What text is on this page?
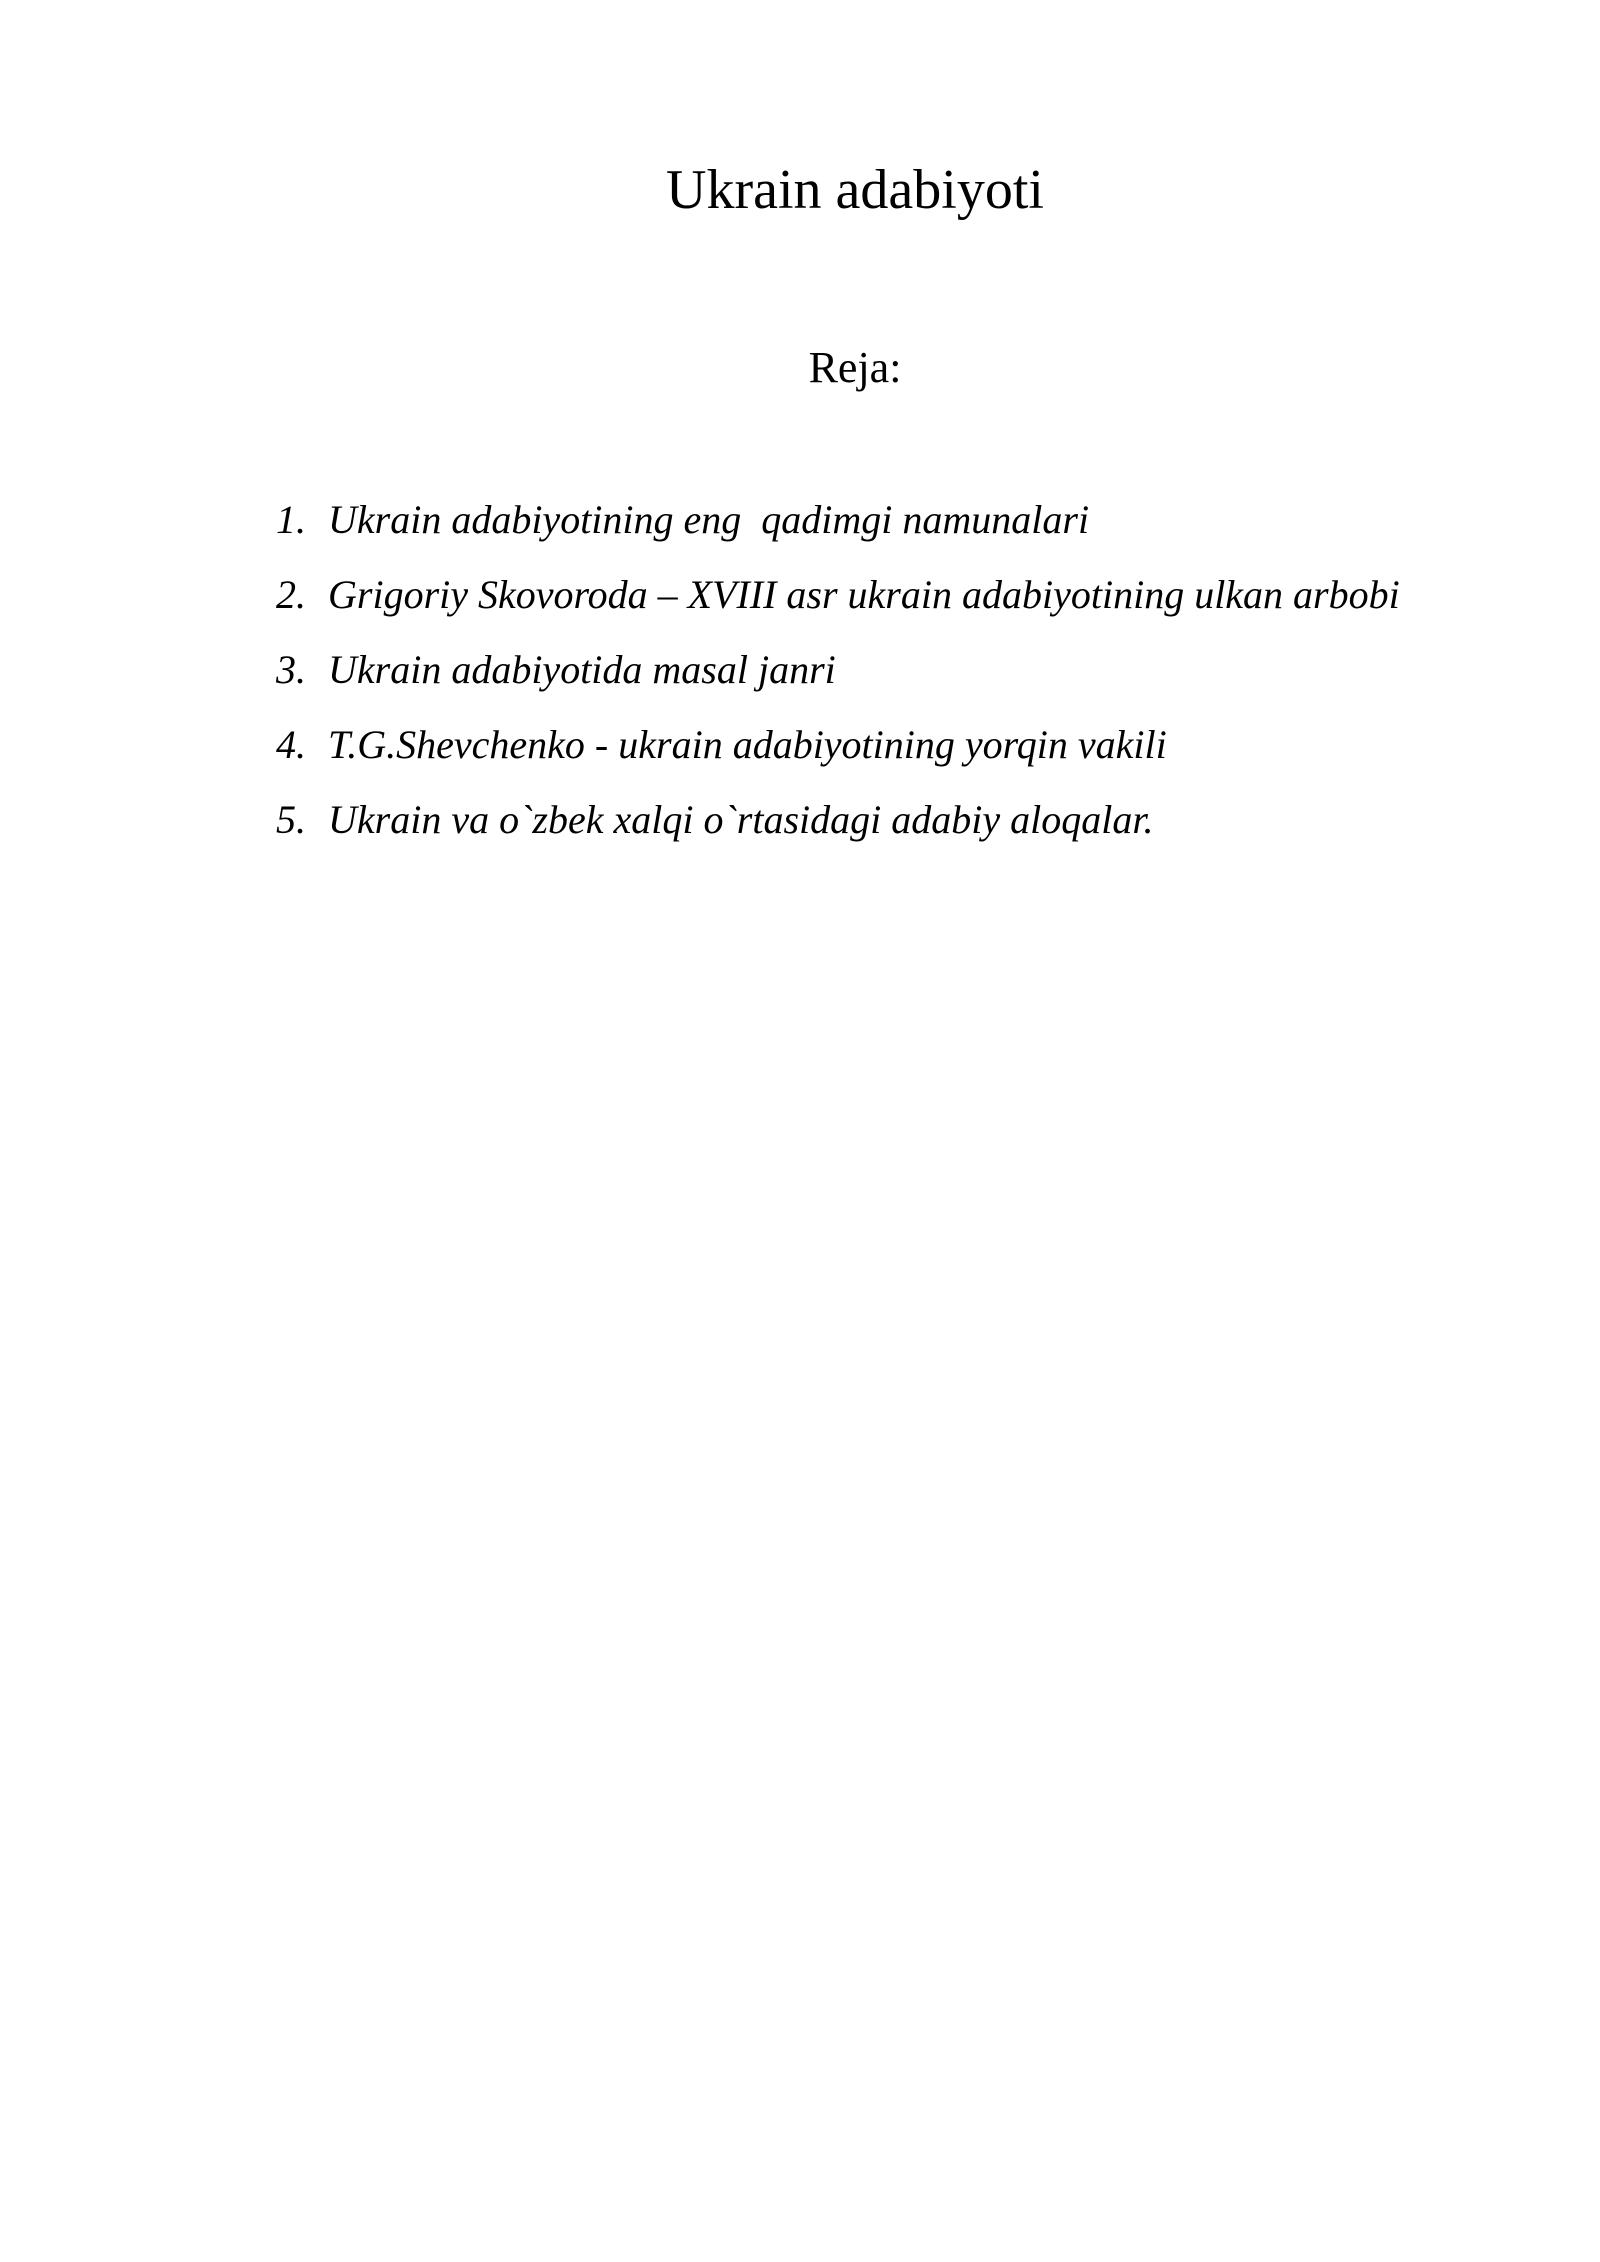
Ukrain adabiyoti
Reja:
1. Ukrain adabiyotining eng  qadimgi namunalari
2. Grigoriy Skovoroda – XVIII asr ukrain adabiyotining ulkan arbobi
3. Ukrain adabiyotida masal janri
4. T.G.Shevchenko - ukrain adabiyotining yorqin vakili
5. Ukrain va o`zbek xalqi o`rtasidagi adabiy aloqalar.
